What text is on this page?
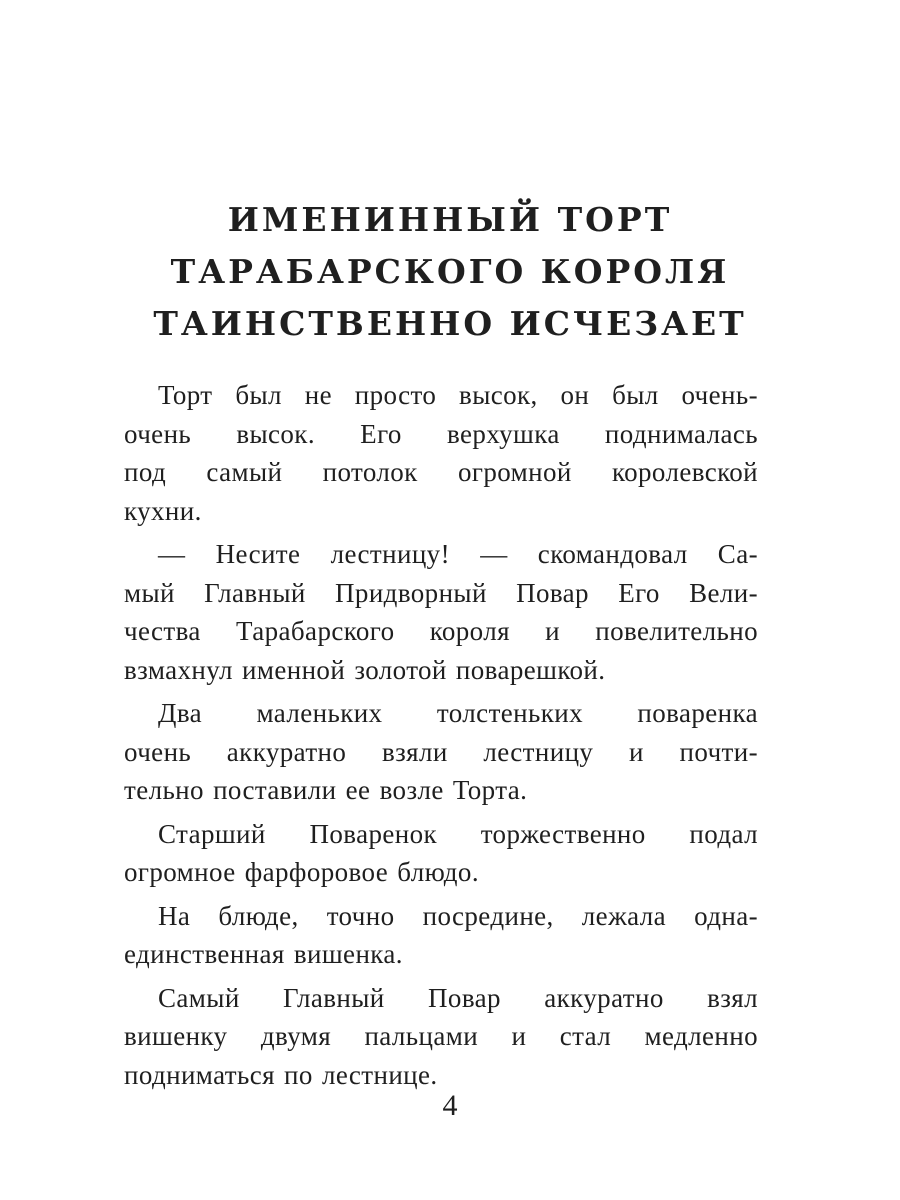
ИМЕНИННЫЙ ТОРТ
ТАРАБАРСКОГО КОРОЛЯ
ТАИНСТВЕННО ИСЧЕЗАЕТ

Торт был не просто высок, он был очень-
очень высок. Его верхушка поднималась
под самый потолок огромной королевской
кухни.

— Несите лестницу! — скомандовал Са-
мый Главный Придворный Повар Его Вели-
чества Тарабарского короля и повелительно
взмахнул именной золотой поварешкой.

Два маленьких толстеньких поваренка
очень аккуратно взяли лестницу и почти-
тельно поставили ее возле Торта.

Старший Поваренок торжественно подал
огромное фарфоровое блюдо.

На блюде, точно посредине, лежала одна-
единственная вишенка.

Самый Главный Повар аккуратно взял
вишенку двумя пальцами и стал медленно
подниматься по лестнице.

4
